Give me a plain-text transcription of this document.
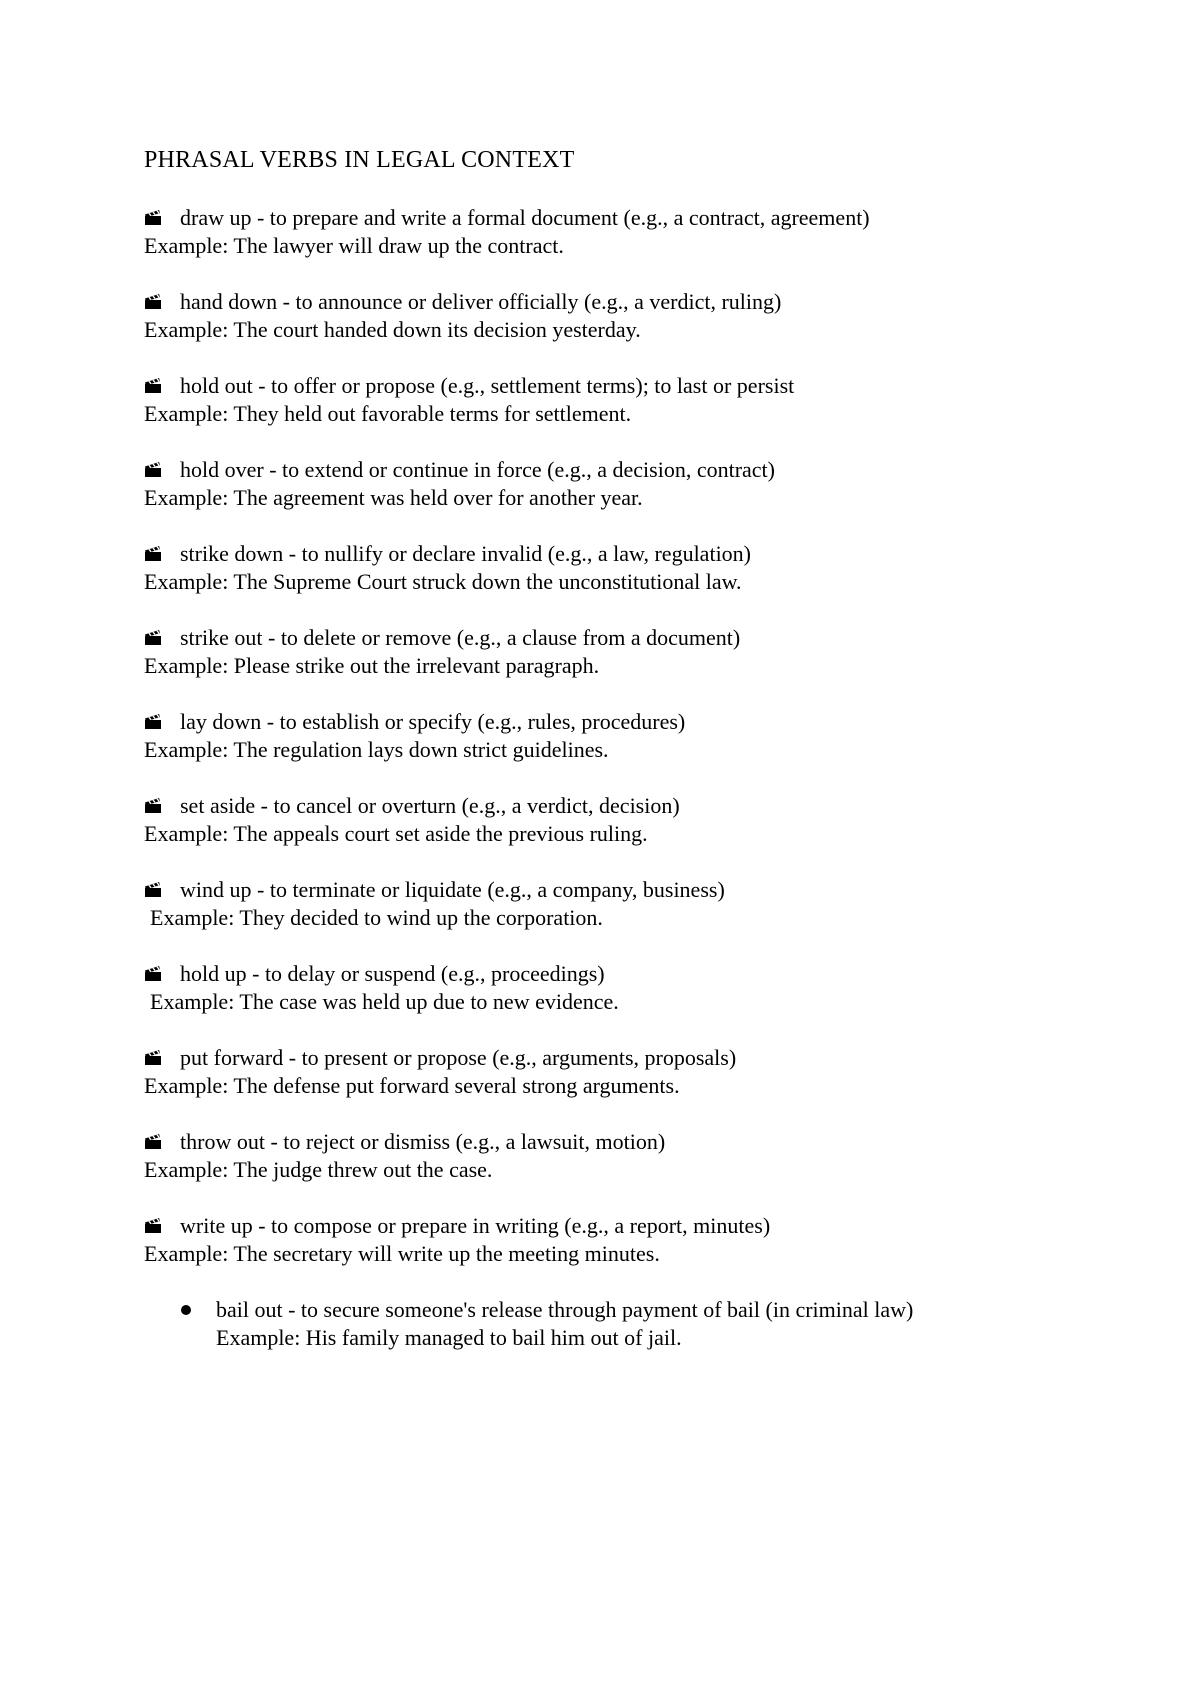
PHRASAL VERBS IN LEGAL CONTEXT
draw up - to prepare and write a formal document (e.g., a contract, agreement)
Example: The lawyer will draw up the contract.
hand down - to announce or deliver officially (e.g., a verdict, ruling)
Example: The court handed down its decision yesterday.
hold out - to offer or propose (e.g., settlement terms); to last or persist
Example: They held out favorable terms for settlement.
hold over - to extend or continue in force (e.g., a decision, contract)
Example: The agreement was held over for another year.
strike down - to nullify or declare invalid (e.g., a law, regulation)
Example: The Supreme Court struck down the unconstitutional law.
strike out - to delete or remove (e.g., a clause from a document)
Example: Please strike out the irrelevant paragraph.
lay down - to establish or specify (e.g., rules, procedures)
Example: The regulation lays down strict guidelines.
set aside - to cancel or overturn (e.g., a verdict, decision)
Example: The appeals court set aside the previous ruling.
wind up - to terminate or liquidate (e.g., a company, business)
Example: They decided to wind up the corporation.
hold up - to delay or suspend (e.g., proceedings)
Example: The case was held up due to new evidence.
put forward - to present or propose (e.g., arguments, proposals)
Example: The defense put forward several strong arguments.
throw out - to reject or dismiss (e.g., a lawsuit, motion)
Example: The judge threw out the case.
write up - to compose or prepare in writing (e.g., a report, minutes)
Example: The secretary will write up the meeting minutes.
bail out - to secure someone's release through payment of bail (in criminal law)
Example: His family managed to bail him out of jail.
